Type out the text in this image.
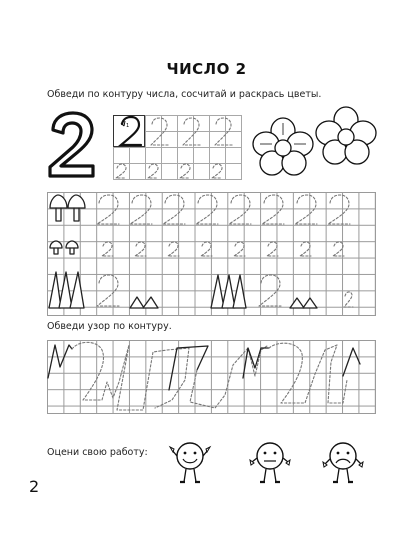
ЧИСЛО 2
Обведи по контуру числа, сосчитай и раскрась цветы.
1
Обведи узор по контуру.
Оцени свою работу:
2
